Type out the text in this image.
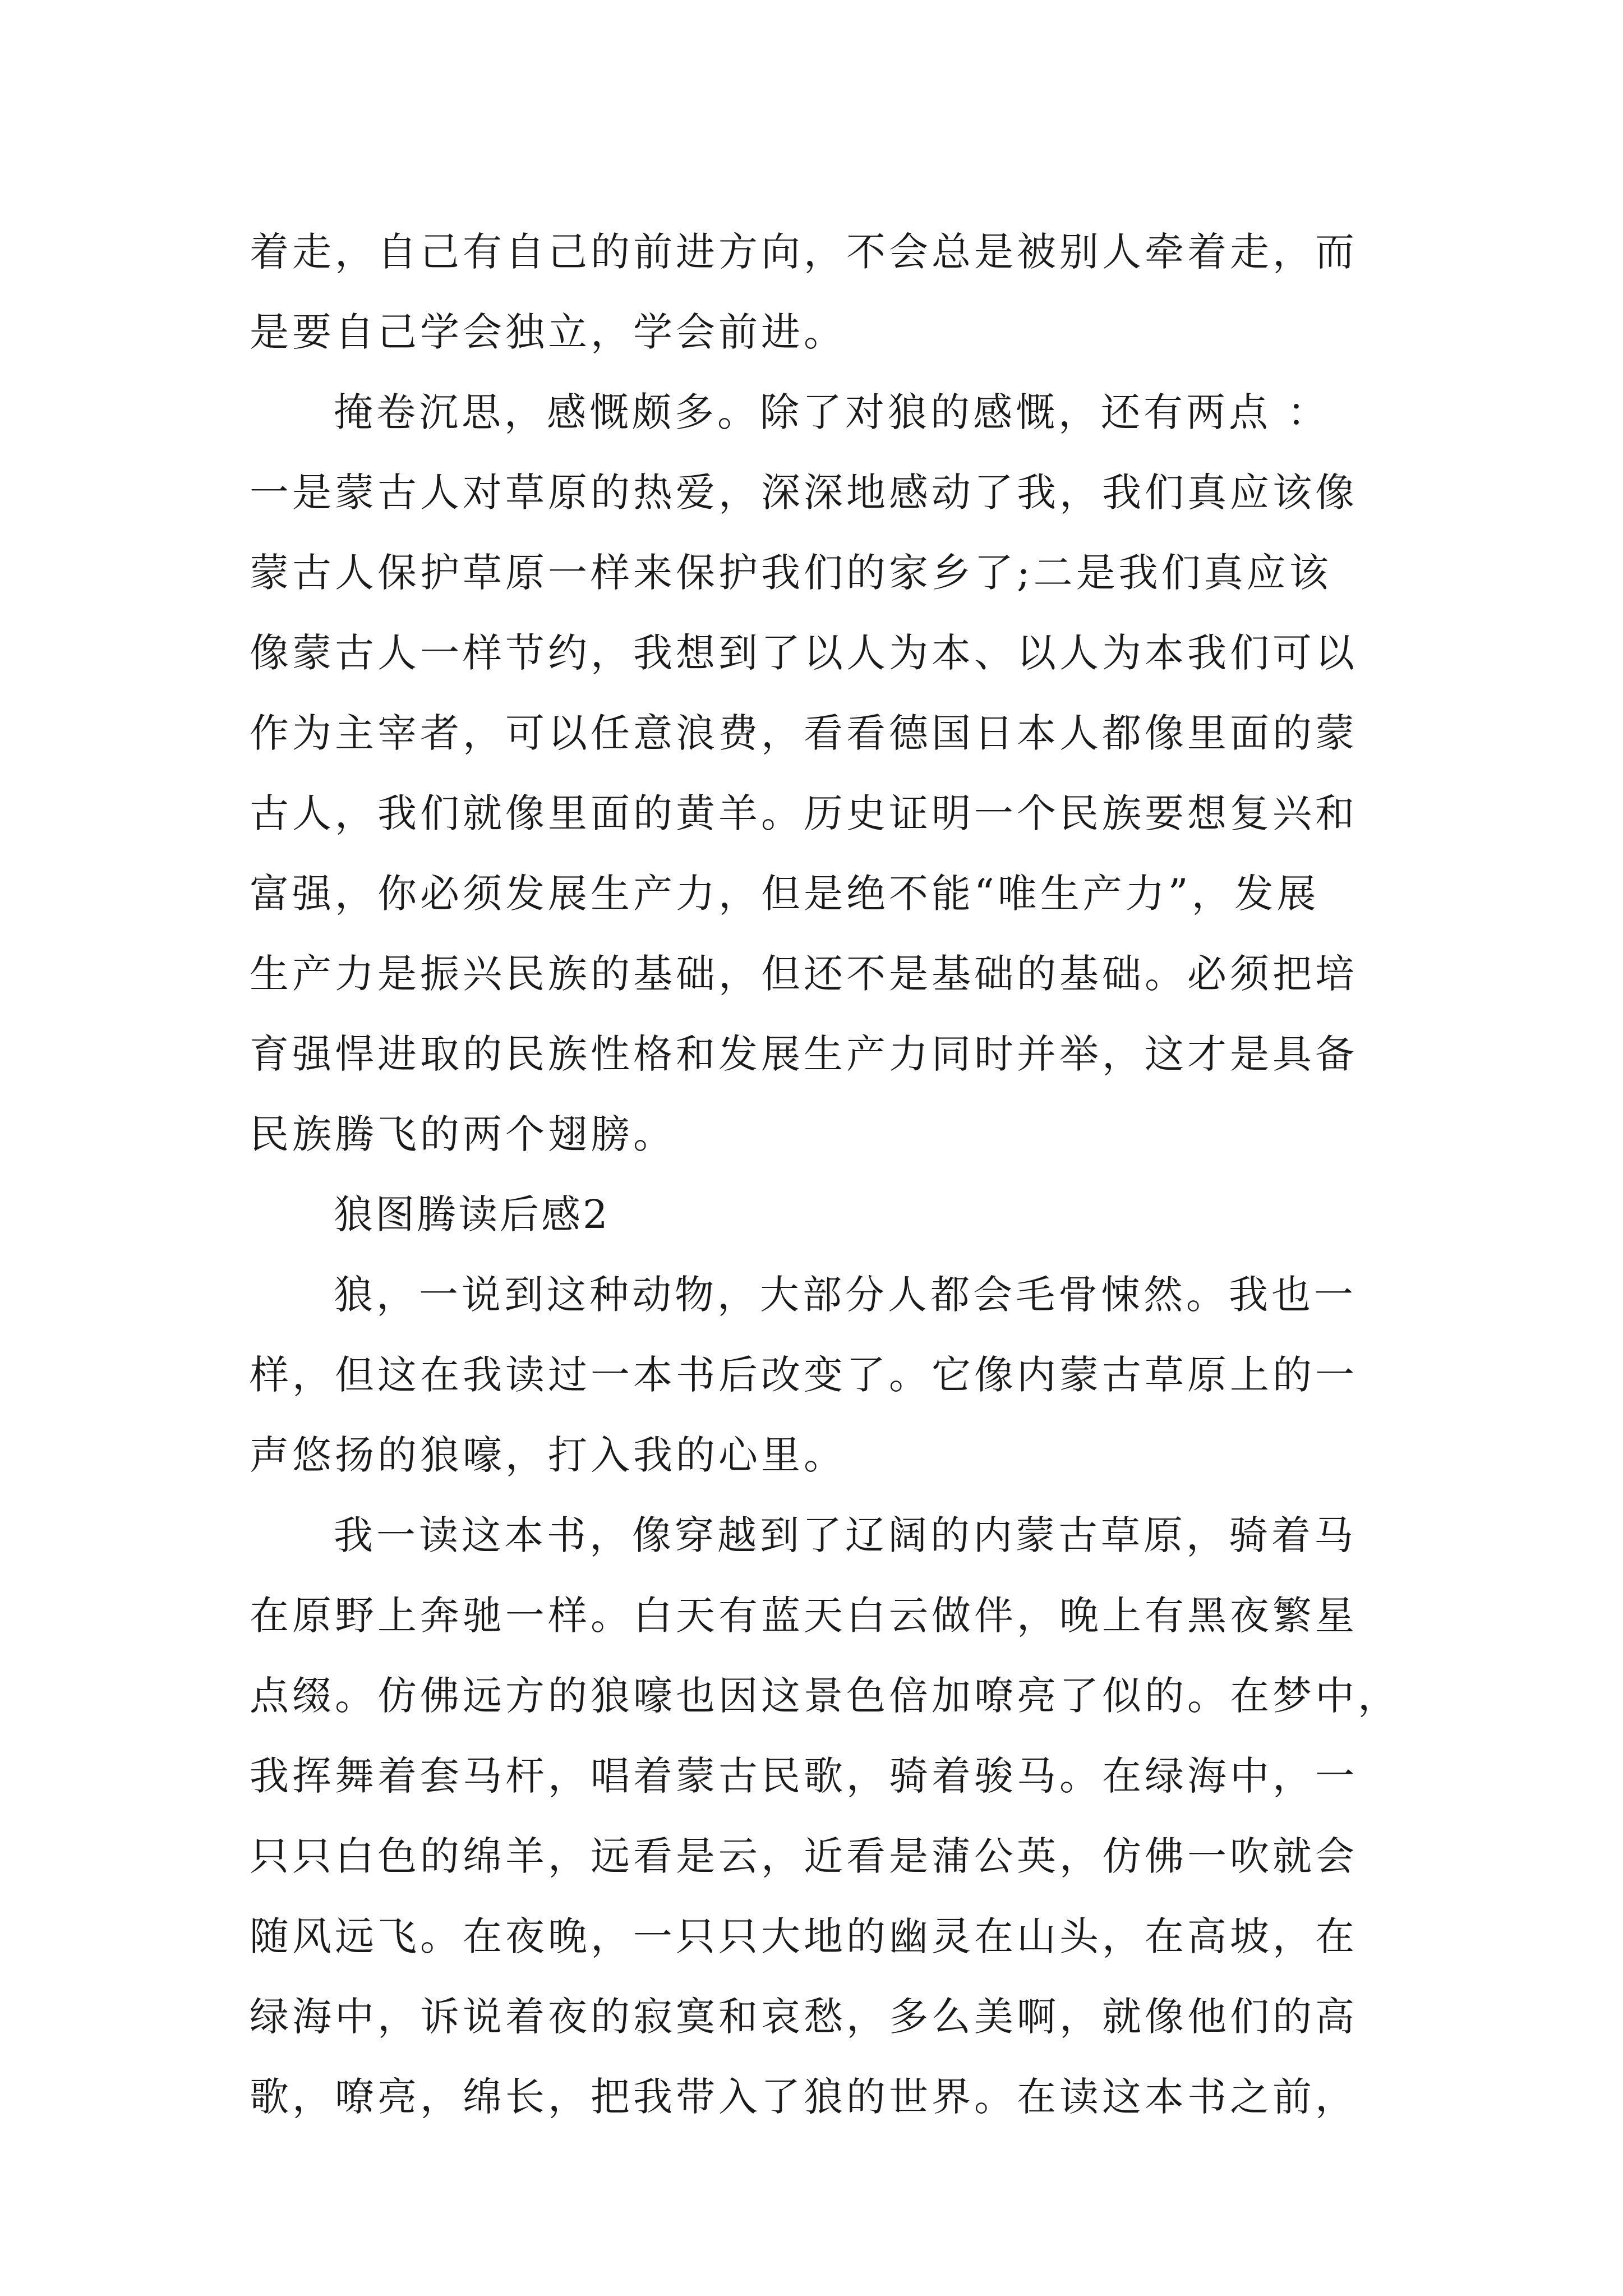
着走，自己有自己的前进方向，不会总是被别人牵着走，而
是要自己学会独立，学会前进。
掩卷沉思，感慨颇多。除了对狼的感慨，还有两点 ：
一是蒙古人对草原的热爱，深深地感动了我，我们真应该像
蒙古人保护草原一样来保护我们的家乡了;二是我们真应该
像蒙古人一样节约，我想到了以人为本、以人为本我们可以
作为主宰者，可以任意浪费，看看德国日本人都像里面的蒙
古人，我们就像里面的黄羊。历史证明一个民族要想复兴和
富强，你必须发展生产力，但是绝不能“唯生产力”，发展
生产力是振兴民族的基础，但还不是基础的基础。必须把培
育强悍进取的民族性格和发展生产力同时并举，这才是具备
民族腾飞的两个翅膀。
狼图腾读后感2
狼，一说到这种动物，大部分人都会毛骨悚然。我也一
样，但这在我读过一本书后改变了。它像内蒙古草原上的一
声悠扬的狼嚎，打入我的心里。
我一读这本书，像穿越到了辽阔的内蒙古草原，骑着马
在原野上奔驰一样。白天有蓝天白云做伴，晚上有黑夜繁星
点缀。仿佛远方的狼嚎也因这景色倍加嘹亮了似的。在梦中，
我挥舞着套马杆，唱着蒙古民歌，骑着骏马。在绿海中，一
只只白色的绵羊，远看是云，近看是蒲公英，仿佛一吹就会
随风远飞。在夜晚，一只只大地的幽灵在山头，在高坡，在
绿海中，诉说着夜的寂寞和哀愁，多么美啊，就像他们的高
歌，嘹亮，绵长，把我带入了狼的世界。在读这本书之前，
